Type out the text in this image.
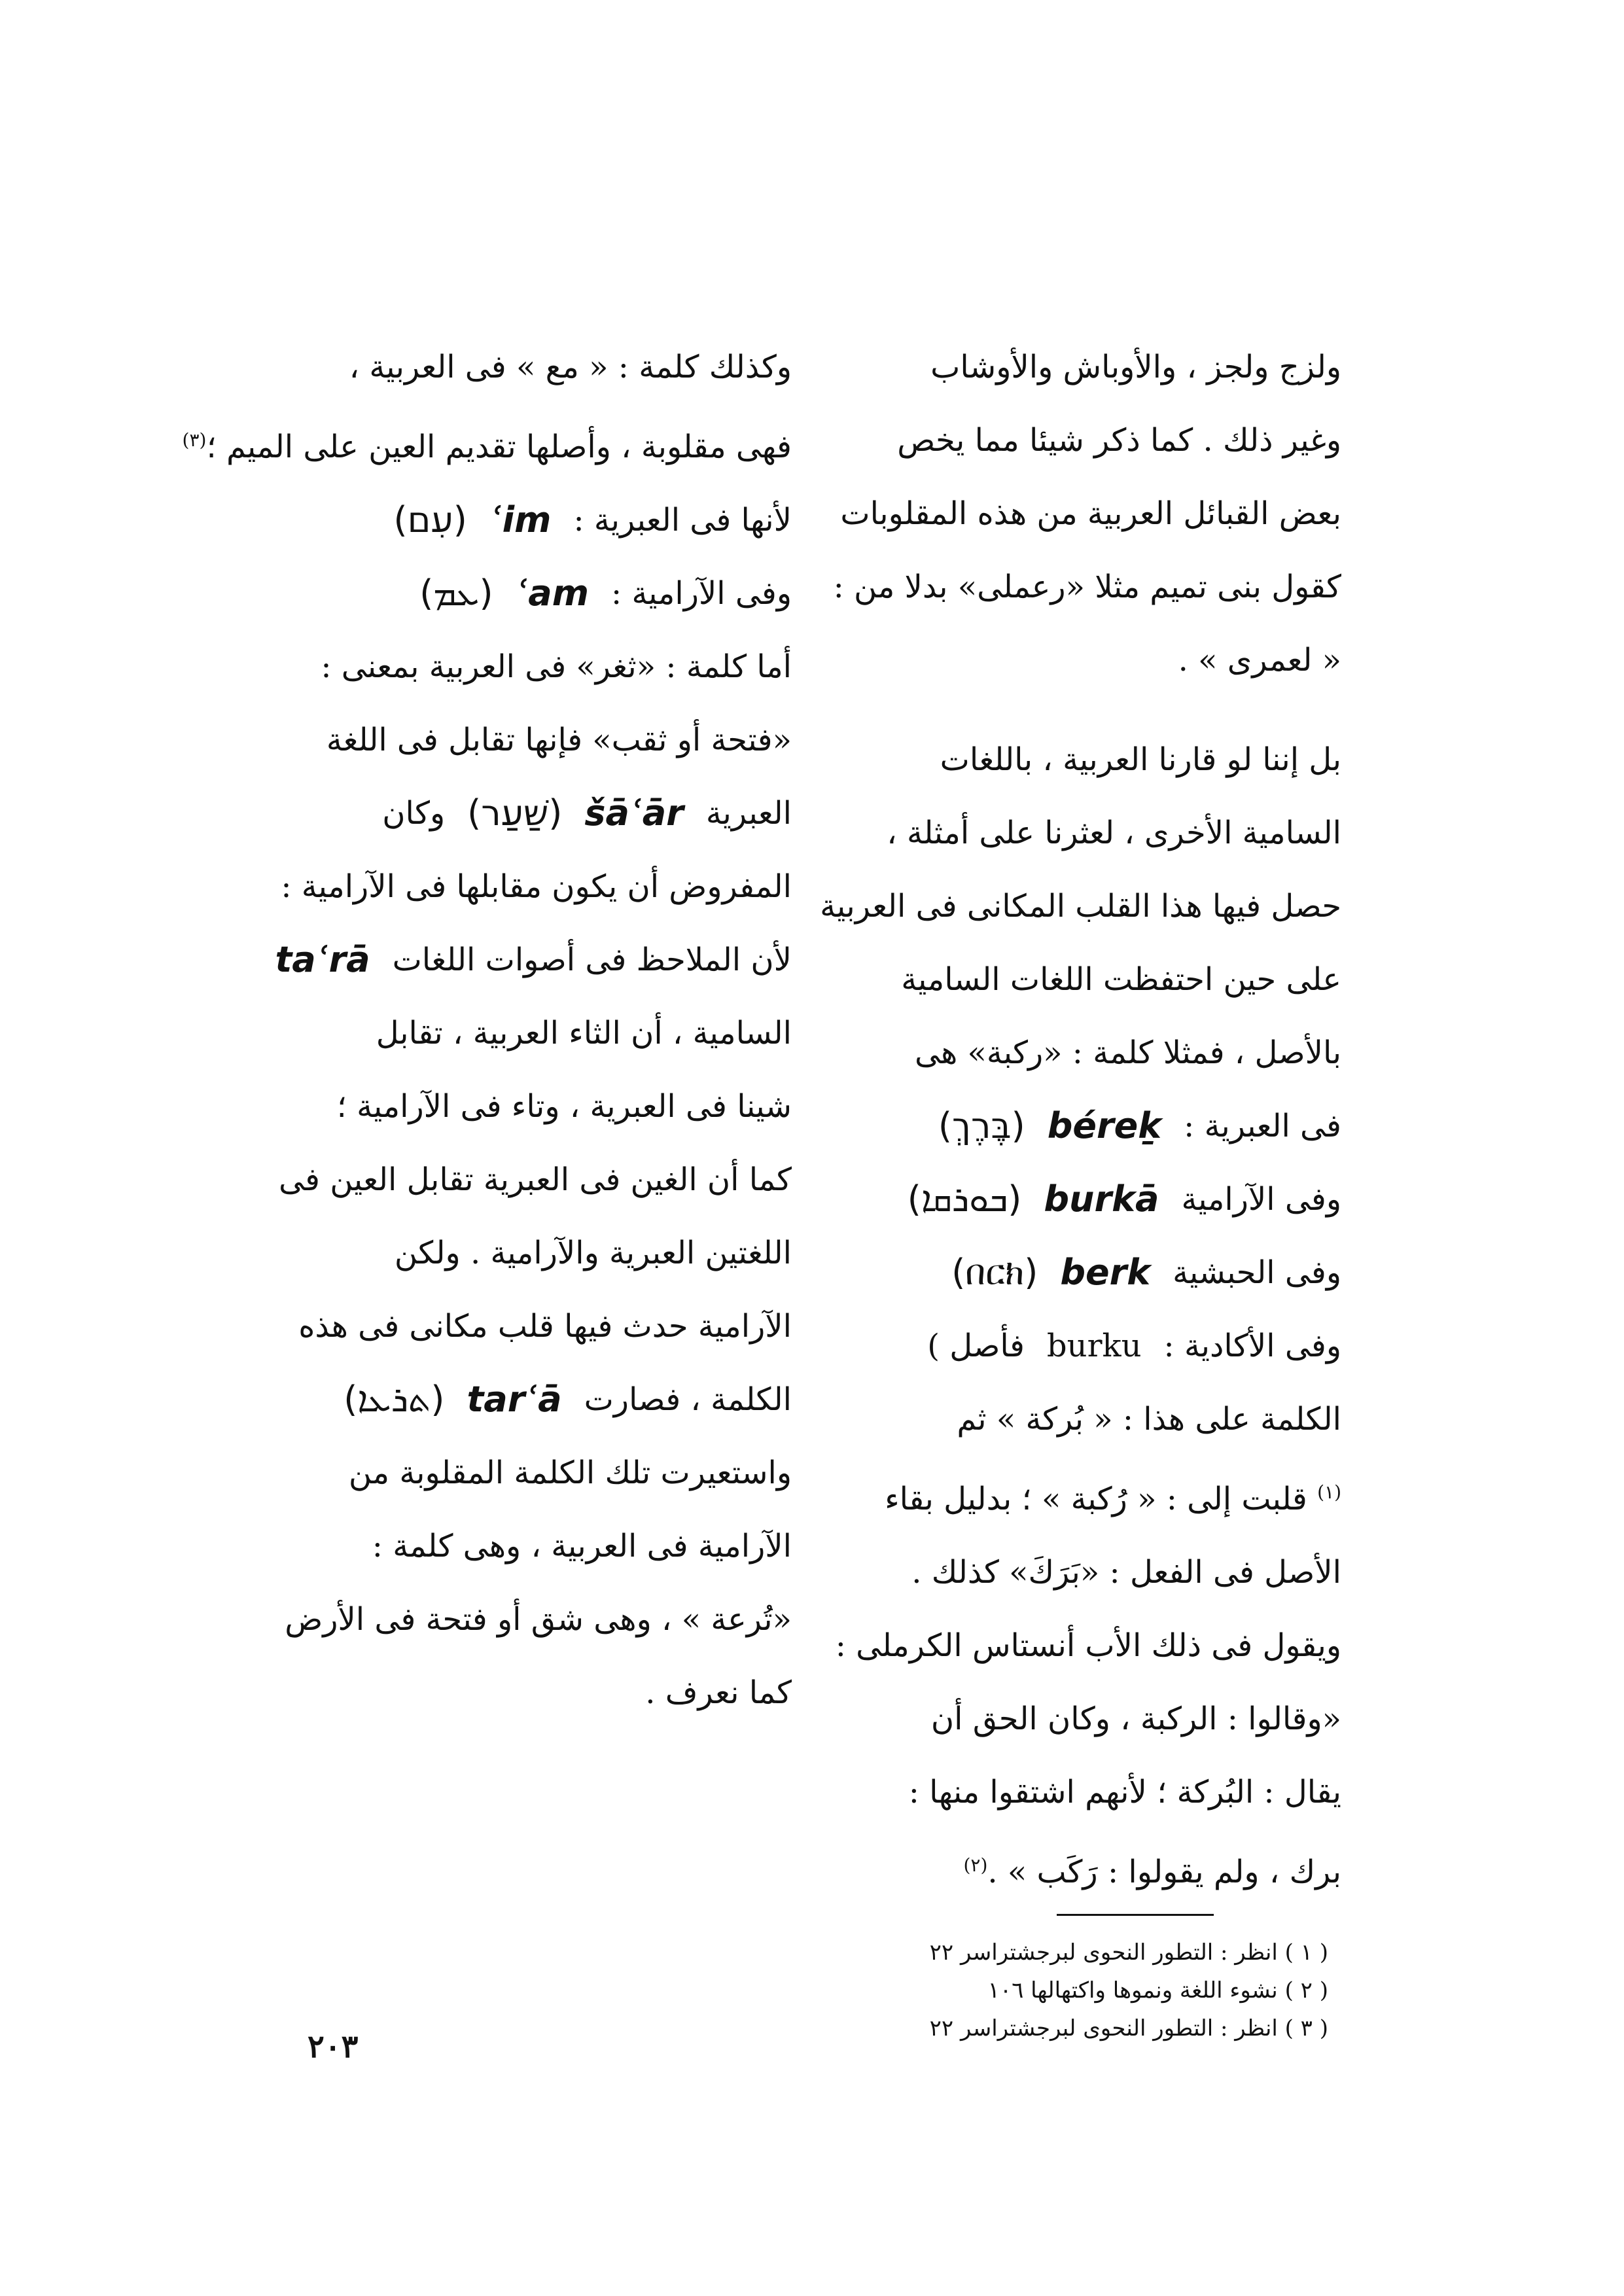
ولزج ولجز ، والأوباش والأوشاب
وغير ذلك . كما ذكر شيئا مما يخص
بعض القبائل العربية من هذه المقلوبات
كقول بنى تميم مثلا «رعملى» بدلا من :
« لعمرى » .
بل إننا لو قارنا العربية ، باللغات
السامية الأخرى ، لعثرنا على أمثلة ،
حصل فيها هذا القلب المكانى فى العربية
على حين احتفظت اللغات السامية
بالأصل ، فمثلا كلمة : «ركبة» هى
(בֶּרֶךְ) béreḵ فى العبرية :
(ܒܘܪܩܐ) burkā وفى الآرامية
(በርክ) berk وفى الحبشية
فأصل ) burku وفى الأكادية :
الكلمة على هذا : « بُركة » ثم
$^{(١)}$ قلبت إلى : « رُكبة » ؛ بدليل بقاء
الأصل فى الفعل : «بَرَكَ» كذلك .
ويقول فى ذلك الأب أنستاس الكرملى :
«وقالوا : الركبة ، وكان الحق أن
يقال : البُركة ؛ لأنهم اشتقوا منها :
برك ، ولم يقولوا : رَكَب » .$^{(٢)}$
وكذلك كلمة : « مع » فى العربية ،
فهى مقلوبة ، وأصلها تقديم العين على الميم ؛$^{(٣)}$
(עִם) ʿim لأنها فى العبرية :
(ܥܡ) ʿam وفى الآرامية :
أما كلمة : «ثغر» فى العربية بمعنى :
«فتحة أو ثقب» فإنها تقابل فى اللغة
وكان (שַׁעַר) šāʿār العبرية
المفروض أن يكون مقابلها فى الآرامية :
taʿrā لأن الملاحظ فى أصوات اللغات
السامية ، أن الثاء العربية ، تقابل
شينا فى العبرية ، وتاء فى الآرامية ؛
كما أن الغين فى العبرية تقابل العين فى
اللغتين العبرية والآرامية . ولكن
الآرامية حدث فيها قلب مكانى فى هذه
(ܬܪܥܐ) tarʿā الكلمة ، فصارت
واستعيرت تلك الكلمة المقلوبة من
الآرامية فى العربية ، وهى كلمة :
«تُرعة » ، وهى شق أو فتحة فى الأرض
كما نعرف .
( ١ ) انظر : التطور النحوى لبرجشتراسر ٢٢
( ٢ ) نشوء اللغة ونموها واكتهالها ١٠٦
( ٣ ) انظر : التطور النحوى لبرجشتراسر ٢٢
٢٠٣
